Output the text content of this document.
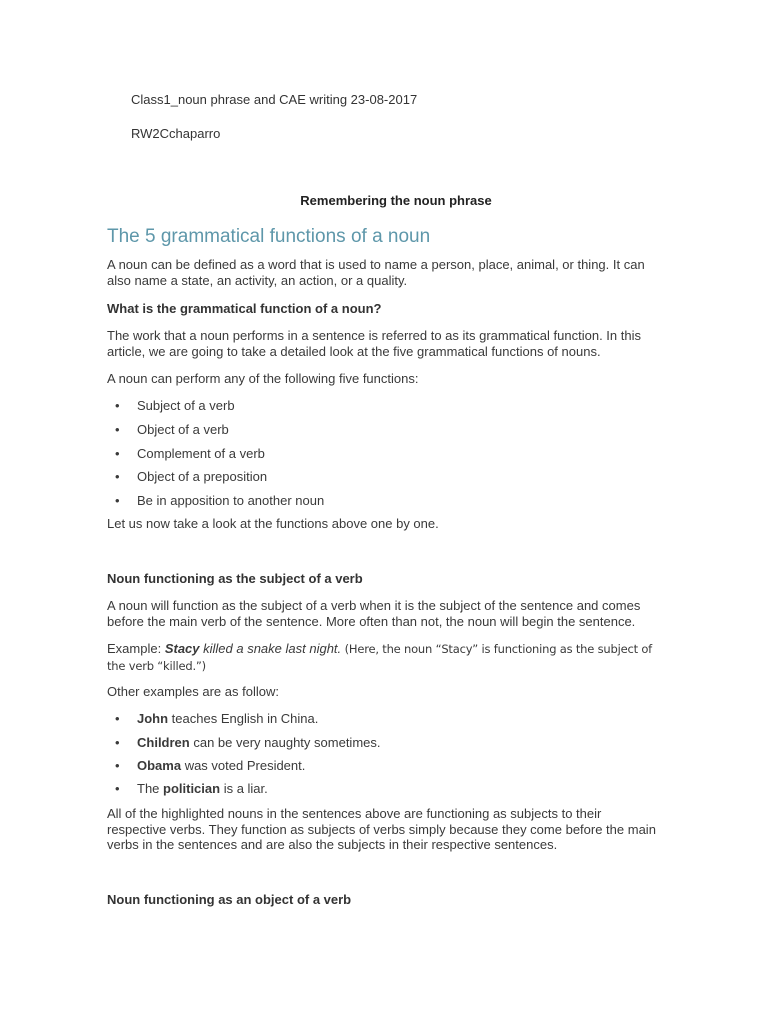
Class1_noun phrase and CAE writing 23-08-2017

RW2Cchaparro

Remembering the noun phrase
The 5 grammatical functions of a noun

A noun can be defined as a word that is used to name a person, place, animal, or thing. It can also name a state, an activity, an action, or a quality.

What is the grammatical function of a noun?

The work that a noun performs in a sentence is referred to as its grammatical function. In this article, we are going to take a detailed look at the five grammatical functions of nouns.

A noun can perform any of the following five functions:

• Subject of a verb
• Object of a verb
• Complement of a verb
• Object of a preposition
• Be in apposition to another noun

Let us now take a look at the functions above one by one.

Noun functioning as the subject of a verb

A noun will function as the subject of a verb when it is the subject of the sentence and comes before the main verb of the sentence. More often than not, the noun will begin the sentence.

Example: Stacy killed a snake last night. (Here, the noun “Stacy” is functioning as the subject of the verb “killed.”)

Other examples are as follow:

• John teaches English in China.
• Children can be very naughty sometimes.
• Obama was voted President.
• The politician is a liar.

All of the highlighted nouns in the sentences above are functioning as subjects to their respective verbs. They function as subjects of verbs simply because they come before the main verbs in the sentences and are also the subjects in their respective sentences.

Noun functioning as an object of a verb
